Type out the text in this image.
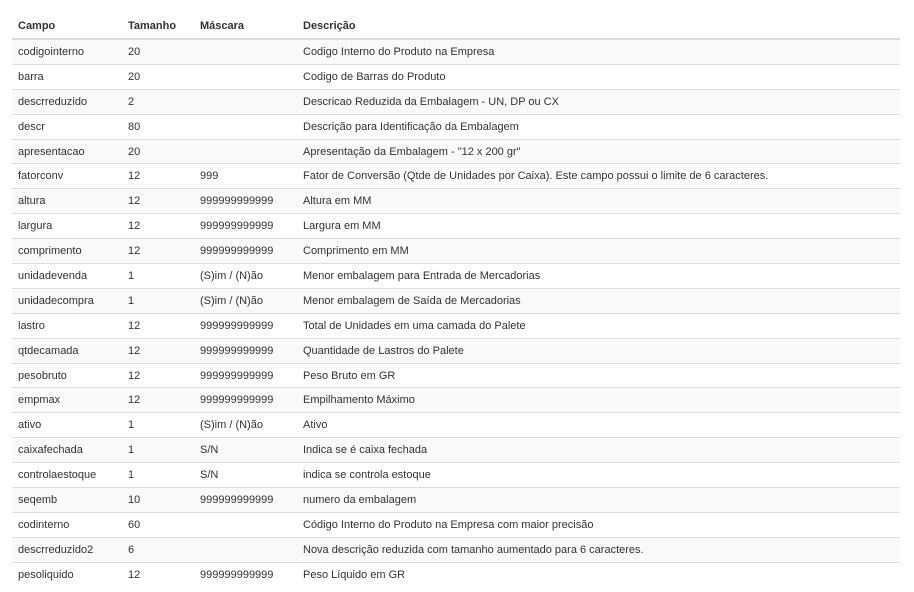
Campo	Tamanho	Máscara	Descrição
codigointerno	20		Codigo Interno do Produto na Empresa
barra	20		Codigo de Barras do Produto
descrreduzido	2		Descricao Reduzida da Embalagem - UN, DP ou CX
descr	80		Descrição para Identificação da Embalagem
apresentacao	20		Apresentação da Embalagem - "12 x 200 gr"
fatorconv	12	999	Fator de Conversão (Qtde de Unidades por Caixa). Este campo possui o limite de 6 caracteres.
altura	12	999999999999	Altura em MM
largura	12	999999999999	Largura em MM
comprimento	12	999999999999	Comprimento em MM
unidadevenda	1	(S)im / (N)ão	Menor embalagem para Entrada de Mercadorias
unidadecompra	1	(S)im / (N)ão	Menor embalagem de Saída de Mercadorias
lastro	12	999999999999	Total de Unidades em uma camada do Palete
qtdecamada	12	999999999999	Quantidade de Lastros do Palete
pesobruto	12	999999999999	Peso Bruto em GR
empmax	12	999999999999	Empilhamento Máximo
ativo	1	(S)im / (N)ão	Ativo
caixafechada	1	S/N	Indica se é caixa fechada
controlaestoque	1	S/N	indica se controla estoque
seqemb	10	999999999999	numero da embalagem
codinterno	60		Código Interno do Produto na Empresa com maior precisão
descrreduzido2	6		Nova descrição reduzida com tamanho aumentado para 6 caracteres.
pesoliquido	12	999999999999	Peso Líquido em GR
